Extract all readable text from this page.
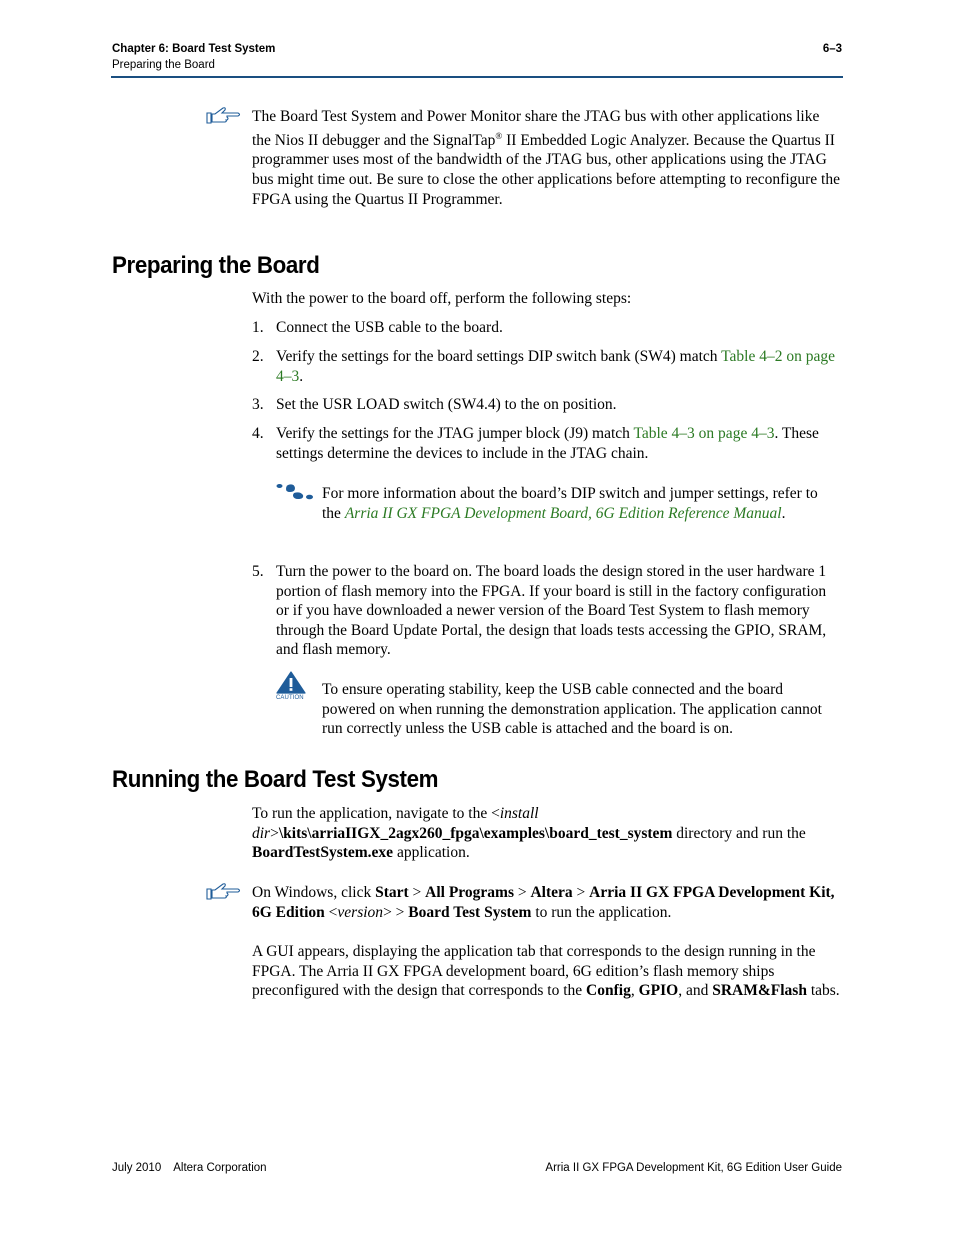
Chapter 6: Board Test System
Preparing the Board
6–3
The Board Test System and Power Monitor share the JTAG bus with other applications like the Nios II debugger and the SignalTap® II Embedded Logic Analyzer. Because the Quartus II programmer uses most of the bandwidth of the JTAG bus, other applications using the JTAG bus might time out. Be sure to close the other applications before attempting to reconfigure the FPGA using the Quartus II Programmer.
Preparing the Board
With the power to the board off, perform the following steps:
1. Connect the USB cable to the board.
2. Verify the settings for the board settings DIP switch bank (SW4) match Table 4–2 on page 4–3.
3. Set the USR LOAD switch (SW4.4) to the on position.
4. Verify the settings for the JTAG jumper block (J9) match Table 4–3 on page 4–3. These settings determine the devices to include in the JTAG chain.
For more information about the board’s DIP switch and jumper settings, refer to the Arria II GX FPGA Development Board, 6G Edition Reference Manual.
5. Turn the power to the board on. The board loads the design stored in the user hardware 1 portion of flash memory into the FPGA. If your board is still in the factory configuration or if you have downloaded a newer version of the Board Test System to flash memory through the Board Update Portal, the design that loads tests accessing the GPIO, SRAM, and flash memory.
CAUTION To ensure operating stability, keep the USB cable connected and the board powered on when running the demonstration application. The application cannot run correctly unless the USB cable is attached and the board is on.
Running the Board Test System
To run the application, navigate to the <install dir>\kits\arriaIIGX_2agx260_fpga\examples\board_test_system directory and run the BoardTestSystem.exe application.
On Windows, click Start > All Programs > Altera > Arria II GX FPGA Development Kit, 6G Edition <version> > Board Test System to run the application.
A GUI appears, displaying the application tab that corresponds to the design running in the FPGA. The Arria II GX FPGA development board, 6G edition’s flash memory ships preconfigured with the design that corresponds to the Config, GPIO, and SRAM&Flash tabs.
July 2010 Altera Corporation	Arria II GX FPGA Development Kit, 6G Edition User Guide
